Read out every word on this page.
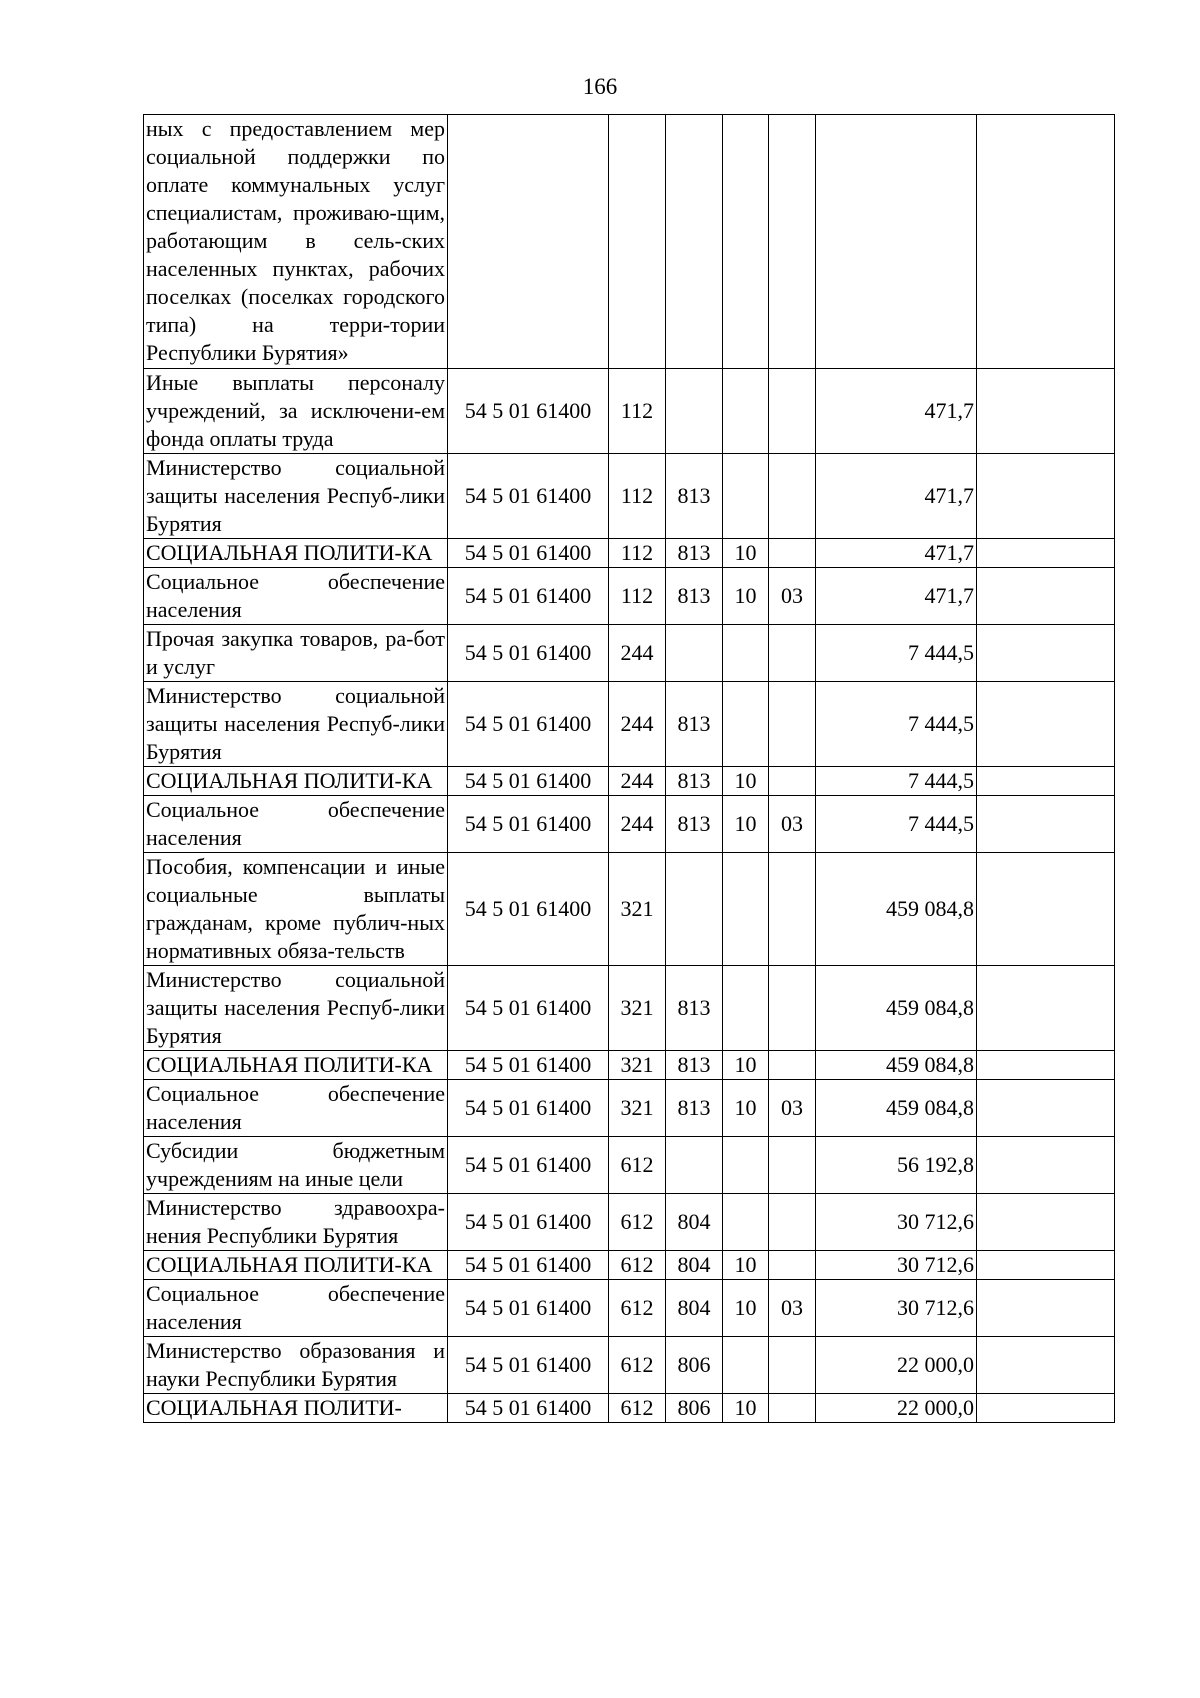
166
ных с предоставлением мер социальной поддержки по оплате коммунальных услуг специалистам, проживаю-щим, работающим в сель-ских населенных пунктах, рабочих поселках (поселках городского типа) на терри-тории Республики Бурятия»							
Иные выплаты персоналу учреждений, за исключени-ем фонда оплаты труда	54 5 01 61400	112				471,7	
Министерство социальной защиты населения Респуб-лики Бурятия	54 5 01 61400	112	813			471,7	
СОЦИАЛЬНАЯ ПОЛИТИ-КА	54 5 01 61400	112	813	10		471,7	
Социальное обеспечение населения	54 5 01 61400	112	813	10	03	471,7	
Прочая закупка товаров, ра-бот и услуг	54 5 01 61400	244				7 444,5	
Министерство социальной защиты населения Респуб-лики Бурятия	54 5 01 61400	244	813			7 444,5	
СОЦИАЛЬНАЯ ПОЛИТИ-КА	54 5 01 61400	244	813	10		7 444,5	
Социальное обеспечение населения	54 5 01 61400	244	813	10	03	7 444,5	
Пособия, компенсации и иные социальные выплаты гражданам, кроме публич-ных нормативных обяза-тельств	54 5 01 61400	321				459 084,8	
Министерство социальной защиты населения Респуб-лики Бурятия	54 5 01 61400	321	813			459 084,8	
СОЦИАЛЬНАЯ ПОЛИТИ-КА	54 5 01 61400	321	813	10		459 084,8	
Социальное обеспечение населения	54 5 01 61400	321	813	10	03	459 084,8	
Субсидии бюджетным учреждениям на иные цели	54 5 01 61400	612				56 192,8	
Министерство здравоохра-нения Республики Бурятия	54 5 01 61400	612	804			30 712,6	
СОЦИАЛЬНАЯ ПОЛИТИ-КА	54 5 01 61400	612	804	10		30 712,6	
Социальное обеспечение населения	54 5 01 61400	612	804	10	03	30 712,6	
Министерство образования и науки Республики Бурятия	54 5 01 61400	612	806			22 000,0	
СОЦИАЛЬНАЯ ПОЛИТИ-	54 5 01 61400	612	806	10		22 000,0	
